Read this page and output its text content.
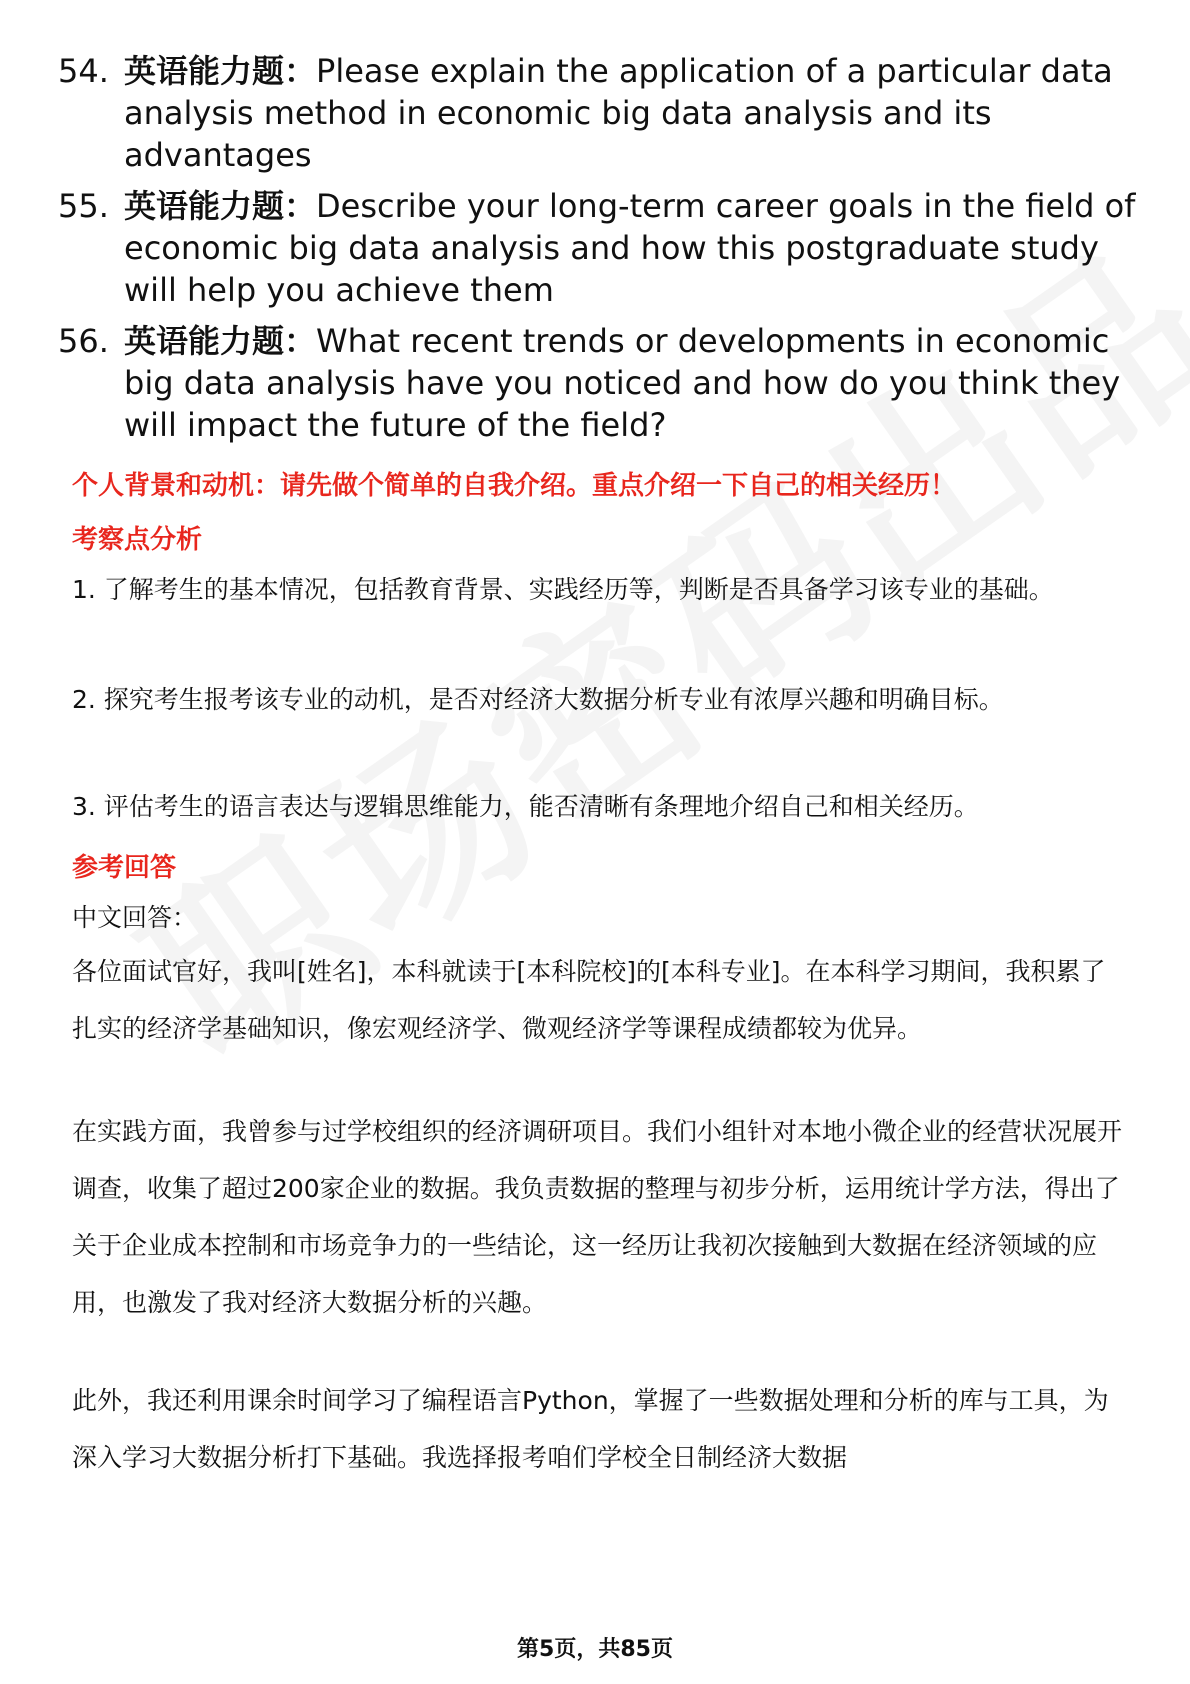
54. 英语能力题：Please explain the application of a particular data analysis method in economic big data analysis and its advantages
55. 英语能力题：Describe your long-term career goals in the field of economic big data analysis and how this postgraduate study will help you achieve them
56. 英语能力题：What recent trends or developments in economic big data analysis have you noticed and how do you think they will impact the future of the field?
个人背景和动机：请先做个简单的自我介绍。重点介绍一下自己的相关经历！
考察点分析
1. 了解考生的基本情况，包括教育背景、实践经历等，判断是否具备学习该专业的基础。
2. 探究考生报考该专业的动机，是否对经济大数据分析专业有浓厚兴趣和明确目标。
3. 评估考生的语言表达与逻辑思维能力，能否清晰有条理地介绍自己和相关经历。
参考回答
中文回答：
各位面试官好，我叫[姓名]，本科就读于[本科院校]的[本科专业]。在本科学习期间，我积累了扎实的经济学基础知识，像宏观经济学、微观经济学等课程成绩都较为优异。
在实践方面，我曾参与过学校组织的经济调研项目。我们小组针对本地小微企业的经营状况展开调查，收集了超过200家企业的数据。我负责数据的整理与初步分析，运用统计学方法，得出了关于企业成本控制和市场竞争力的一些结论，这一经历让我初次接触到大数据在经济领域的应用，也激发了我对经济大数据分析的兴趣。
此外，我还利用课余时间学习了编程语言Python，掌握了一些数据处理和分析的库与工具，为深入学习大数据分析打下基础。我选择报考咱们学校全日制经济大数据
第5页，共85页
